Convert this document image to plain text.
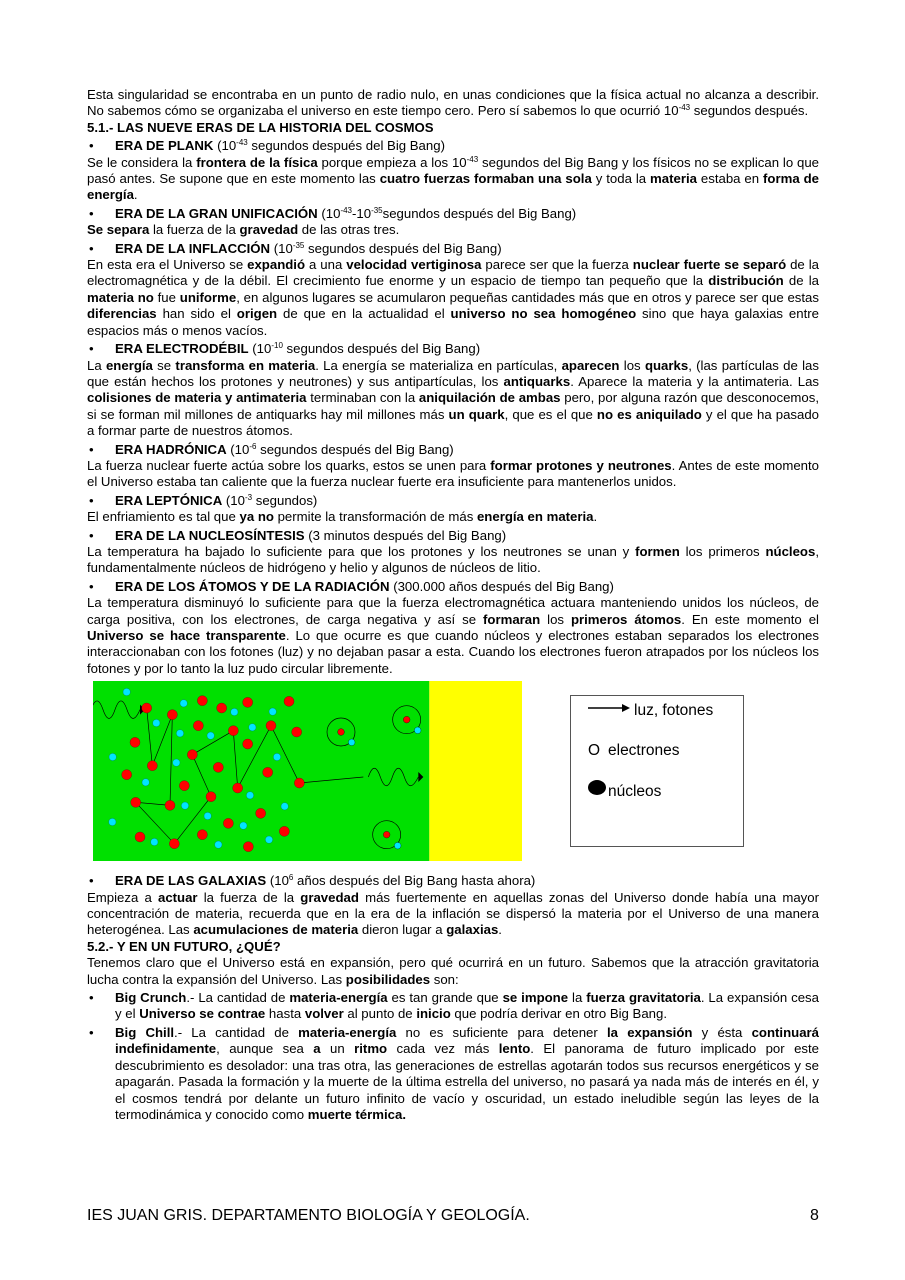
Esta singularidad se encontraba en un punto de radio nulo, en unas condiciones que la física actual no alcanza a describir. No sabemos cómo se organizaba el universo en este tiempo cero. Pero sí sabemos lo que ocurrió $10^{-43}$ segundos después.
5.1.- LAS NUEVE ERAS DE LA HISTORIA DEL COSMOS
• ERA DE PLANK ($10^{-43}$ segundos después del Big Bang)
Se le considera la frontera de la física porque empieza a los $10^{-43}$ segundos del Big Bang y los físicos no se explican lo que pasó antes. Se supone que en este momento las cuatro fuerzas formaban una sola y toda la materia estaba en forma de energía.
• ERA DE LA GRAN UNIFICACIÓN ($10^{-43}-10^{-35}segundos$ después del Big Bang)
Se separa la fuerza de la gravedad de las otras tres.
• ERA DE LA INFLACCIÓN ($10^{-35}$ segundos después del Big Bang)
En esta era el Universo se expandió a una velocidad vertiginosa parece ser que la fuerza nuclear fuerte se separó de la electromagnética y de la débil. El crecimiento fue enorme y un espacio de tiempo tan pequeño que la distribución de la materia no fue uniforme, en algunos lugares se acumularon pequeñas cantidades más que en otros y parece ser que estas diferencias han sido el origen de que en la actualidad el universo no sea homogéneo sino que haya galaxias entre espacios más o menos vacíos.
• ERA ELECTRODÉBIL ($10^{-10}$ segundos después del Big Bang)
La energía se transforma en materia. La energía se materializa en partículas, aparecen los quarks, (las partículas de las que están hechos los protones y neutrones) y sus antipartículas, los antiquarks. Aparece la materia y la antimateria. Las colisiones de materia y antimateria terminaban con la aniquilación de ambas pero, por alguna razón que desconocemos, si se forman mil millones de antiquarks hay mil millones más un quark, que es el que no es aniquilado y el que ha pasado a formar parte de nuestros átomos.
• ERA HADRÓNICA ($10^{-6}$ segundos después del Big Bang)
La fuerza nuclear fuerte actúa sobre los quarks, estos se unen para formar protones y neutrones. Antes de este momento el Universo estaba tan caliente que la fuerza nuclear fuerte era insuficiente para mantenerlos unidos.
• ERA LEPTÓNICA ($10^{-3}$ segundos)
El enfriamiento es tal que ya no permite la transformación de más energía en materia.
• ERA DE LA NUCLEOSÍNTESIS (3 minutos después del Big Bang)
La temperatura ha bajado lo suficiente para que los protones y los neutrones se unan y formen los primeros núcleos, fundamentalmente núcleos de hidrógeno y helio y algunos de núcleos de litio.
• ERA DE LOS ÁTOMOS Y DE LA RADIACIÓN (300.000 años después del Big Bang)
La temperatura disminuyó lo suficiente para que la fuerza electromagnética actuara manteniendo unidos los núcleos, de carga positiva, con los electrones, de carga negativa y así se formaran los primeros átomos. En este momento el Universo se hace transparente. Lo que ocurre es que cuando núcleos y electrones estaban separados los electrones interaccionaban con los fotones (luz) y no dejaban pasar a esta. Cuando los electrones fueron atrapados por los núcleos los fotones y por lo tanto la luz pudo circular libremente.
luz, fotones
O electrones
núcleos
• ERA DE LAS GALAXIAS ($10^6$ años después del Big Bang hasta ahora)
Empieza a actuar la fuerza de la gravedad más fuertemente en aquellas zonas del Universo donde había una mayor concentración de materia, recuerda que en la era de la inflación se dispersó la materia por el Universo de una manera heterogénea. Las acumulaciones de materia dieron lugar a galaxias.
5.2.- Y EN UN FUTURO, ¿QUÉ?
Tenemos claro que el Universo está en expansión, pero qué ocurrirá en un futuro. Sabemos que la atracción gravitatoria lucha contra la expansión del Universo. Las posibilidades son:
• Big Crunch.- La cantidad de materia-energía es tan grande que se impone la fuerza gravitatoria. La expansión cesa y el Universo se contrae hasta volver al punto de inicio que podría derivar en otro Big Bang.
• Big Chill.- La cantidad de materia-energía no es suficiente para detener la expansión y ésta continuará indefinidamente, aunque sea a un ritmo cada vez más lento. El panorama de futuro implicado por este descubrimiento es desolador: una tras otra, las generaciones de estrellas agotarán todos sus recursos energéticos y se apagarán. Pasada la formación y la muerte de la última estrella del universo, no pasará ya nada más de interés en él, y el cosmos tendrá por delante un futuro infinito de vacío y oscuridad, un estado ineludible según las leyes de la termodinámica y conocido como muerte térmica.
IES JUAN GRIS. DEPARTAMENTO BIOLOGÍA Y GEOLOGÍA.	8
